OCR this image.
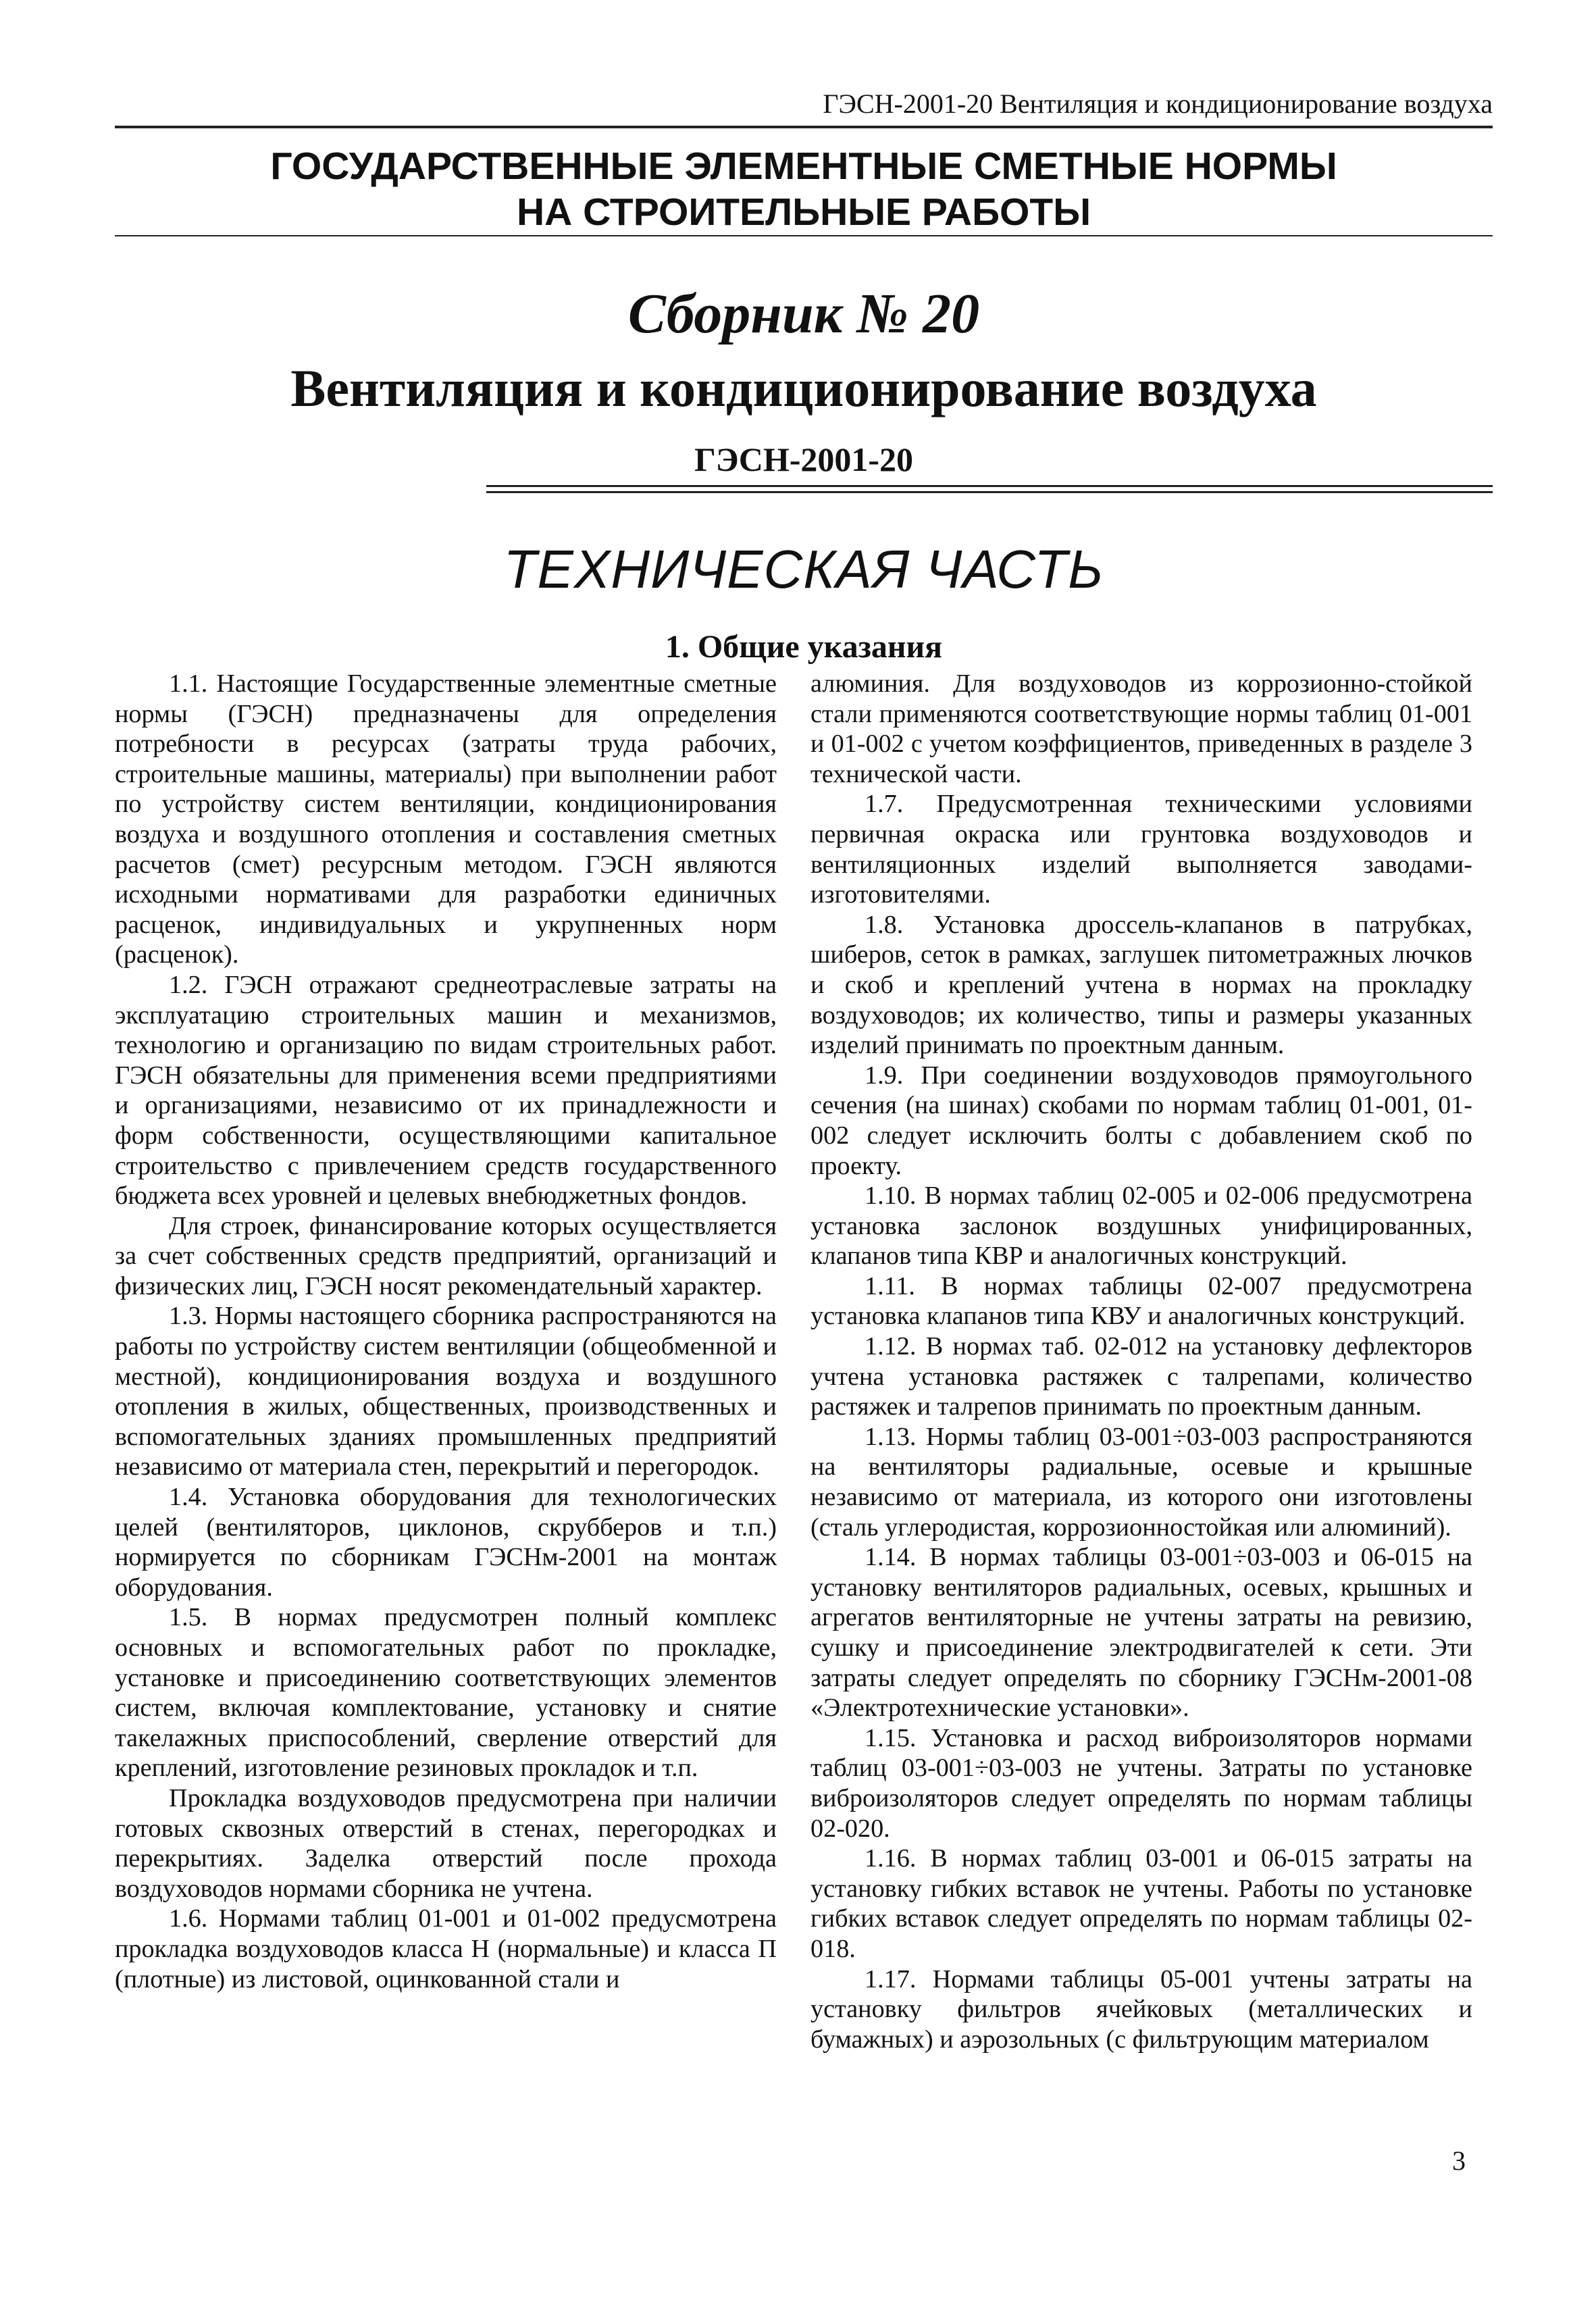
ГЭСН-2001-20 Вентиляция и кондиционирование воздуха
ГОСУДАРСТВЕННЫЕ ЭЛЕМЕНТНЫЕ СМЕТНЫЕ НОРМЫ
НА СТРОИТЕЛЬНЫЕ РАБОТЫ
Сборник № 20
Вентиляция и кондиционирование воздуха
ГЭСН-2001-20
ТЕХНИЧЕСКАЯ ЧАСТЬ
1. Общие указания

1.1. Настоящие Государственные элементные сметные нормы (ГЭСН) предназначены для определения потребности в ресурсах (затраты труда рабочих, строительные машины, материалы) при выполнении работ по устройству систем вентиляции, кондиционирования воздуха и воздушного отопления и составления сметных расчетов (смет) ресурсным методом. ГЭСН являются исходными нормативами для разработки единичных расценок, индивидуальных и укрупненных норм (расценок).

1.2. ГЭСН отражают среднеотраслевые затраты на эксплуатацию строительных машин и механизмов, технологию и организацию по видам строительных работ. ГЭСН обязательны для применения всеми предприятиями и организациями, независимо от их принадлежности и форм собственности, осуществляющими капитальное строительство с привлечением средств государственного бюджета всех уровней и целевых внебюджетных фондов.

Для строек, финансирование которых осуществляется за счет собственных средств предприятий, организаций и физических лиц, ГЭСН носят рекомендательный характер.

1.3. Нормы настоящего сборника распространяются на работы по устройству систем вентиляции (общеобменной и местной), кондиционирования воздуха и воздушного отопления в жилых, общественных, производственных и вспомогательных зданиях промышленных предприятий независимо от материала стен, перекрытий и перегородок.

1.4. Установка оборудования для технологических целей (вентиляторов, циклонов, скрубберов и т.п.) нормируется по сборникам ГЭСНм-2001 на монтаж оборудования.

1.5. В нормах предусмотрен полный комплекс основных и вспомогательных работ по прокладке, установке и присоединению соответствующих элементов систем, включая комплектование, установку и снятие такелажных приспособлений, сверление отверстий для креплений, изготовление резиновых прокладок и т.п.

Прокладка воздуховодов предусмотрена при наличии готовых сквозных отверстий в стенах, перегородках и перекрытиях. Заделка отверстий после прохода воздуховодов нормами сборника не учтена.

1.6. Нормами таблиц 01-001 и 01-002 предусмотрена прокладка воздуховодов класса Н (нормальные) и класса П (плотные) из листовой, оцинкованной стали и

алюминия. Для воздуховодов из коррозионно-стойкой стали применяются соответствующие нормы таблиц 01-001 и 01-002 с учетом коэффициентов, приведенных в разделе 3 технической части.

1.7. Предусмотренная техническими условиями первичная окраска или грунтовка воздуховодов и вентиляционных изделий выполняется заводами-изготовителями.

1.8. Установка дроссель-клапанов в патрубках, шиберов, сеток в рамках, заглушек питометражных лючков и скоб и креплений учтена в нормах на прокладку воздуховодов; их количество, типы и размеры указанных изделий принимать по проектным данным.

1.9. При соединении воздуховодов прямоугольного сечения (на шинах) скобами по нормам таблиц 01-001, 01-002 следует исключить болты с добавлением скоб по проекту.

1.10. В нормах таблиц 02-005 и 02-006 предусмотрена установка заслонок воздушных унифицированных, клапанов типа КВР и аналогичных конструкций.

1.11. В нормах таблицы 02-007 предусмотрена установка клапанов типа КВУ и аналогичных конструкций.

1.12. В нормах таб. 02-012 на установку дефлекторов учтена установка растяжек с талрепами, количество растяжек и талрепов принимать по проектным данным.

1.13. Нормы таблиц 03-001÷03-003 распространяются на вентиляторы радиальные, осевые и крышные независимо от материала, из которого они изготовлены (сталь углеродистая, коррозионностойкая или алюминий).

1.14. В нормах таблицы 03-001÷03-003 и 06-015 на установку вентиляторов радиальных, осевых, крышных и агрегатов вентиляторные не учтены затраты на ревизию, сушку и присоединение электродвигателей к сети. Эти затраты следует определять по сборнику ГЭСНм-2001-08 «Электротехнические установки».

1.15. Установка и расход виброизоляторов нормами таблиц 03-001÷03-003 не учтены. Затраты по установке виброизоляторов следует определять по нормам таблицы 02-020.

1.16. В нормах таблиц 03-001 и 06-015 затраты на установку гибких вставок не учтены. Работы по установке гибких вставок следует определять по нормам таблицы 02-018.

1.17. Нормами таблицы 05-001 учтены затраты на установку фильтров ячейковых (металлических и бумажных) и аэрозольных (с фильтрующим материалом

3
